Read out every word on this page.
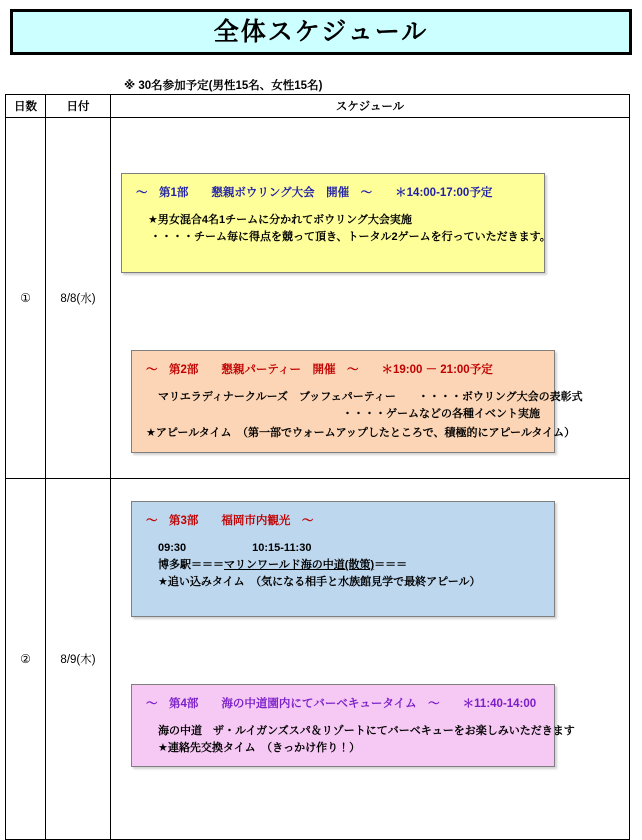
全体スケジュール
※ 30名参加予定(男性15名、女性15名)
日数	日付	スケジュール
①	8/8(水)	
～　第1部　　懇親ボウリング大会　開催　～　　＊14:00-17:00予定
★男女混合4名1チームに分かれてボウリング大会実施
・・・・チーム毎に得点を競って頂き、トータル2ゲームを行っていただきます。
～　第2部　　懇親パーティー　開催　～　　＊19:00 － 21:00予定
マリエラディナークルーズ　ブッフェパーティー　　・・・・ボウリング大会の表彰式
・・・・ゲームなどの各種イベント実施
★アピールタイム　（第一部でウォームアップしたところで、積極的にアピールタイム）

②	8/9(木)	
～　第3部　　福岡市内観光　～
09:30　　　　　　10:15-11:30
博多駅＝＝＝マリンワールド海の中道(散策)＝＝＝
★追い込みタイム　（気になる相手と水族館見学で最終アピール）
～　第4部　　海の中道園内にてバーベキュータイム　～　　＊11:40-14:00
海の中道　ザ・ルイガンズスパ＆リゾートにてバーベキューをお楽しみいただきます
★連絡先交換タイム　（きっかけ作り！）
